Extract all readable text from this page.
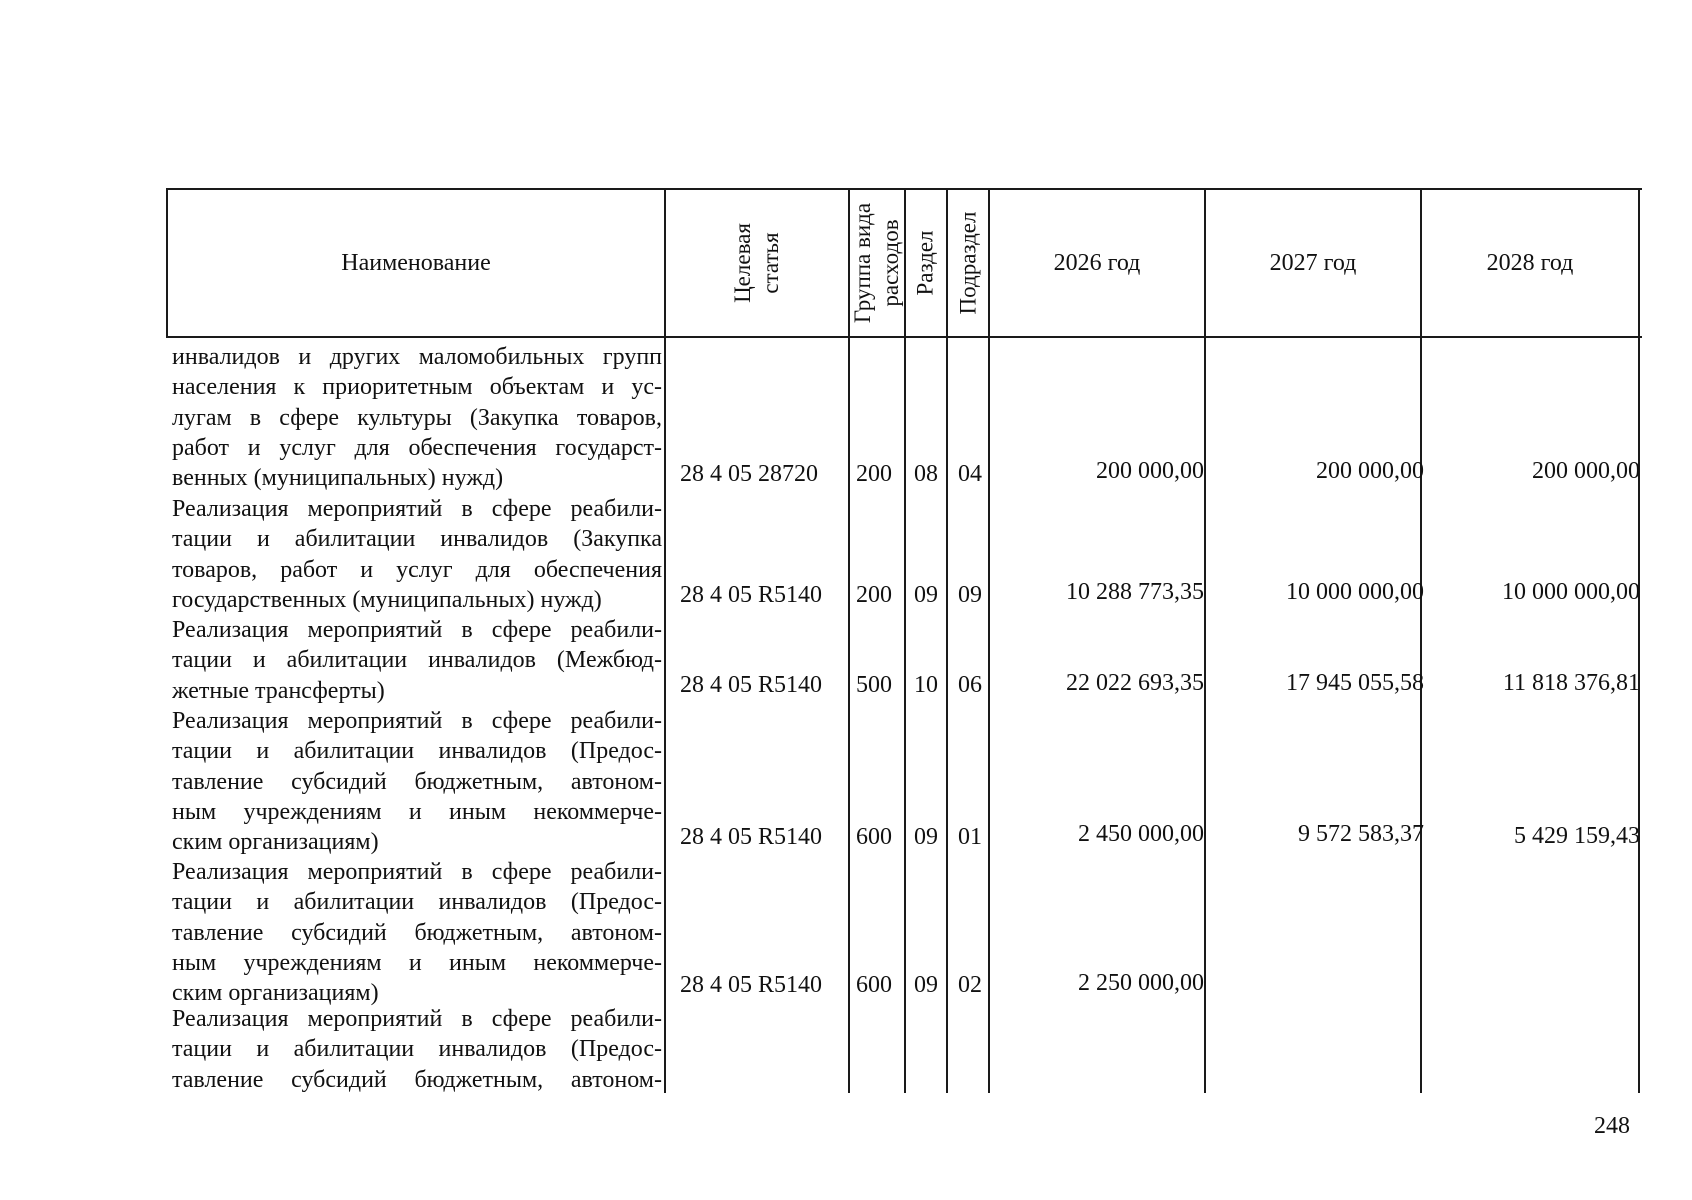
Наименование	Целевая статья	Группа вида расходов Раздел Подраздел	2026 год	2027 год	2028 год
инвалидов и других маломобильных групп
населения к приоритетным объектам и ус-
лугам в сфере культуры (Закупка товаров,
работ и услуг для обеспечения государст-
венных (муниципальных) нужд)	28 4 05 28720	200 08 04	200 000,00	200 000,00	200 000,00
Реализация мероприятий в сфере реабили-
тации и абилитации инвалидов (Закупка
товаров, работ и услуг для обеспечения
государственных (муниципальных) нужд)	28 4 05 R5140	200 09 09	10 288 773,35	10 000 000,00	10 000 000,00
Реализация мероприятий в сфере реабили-
тации и абилитации инвалидов (Межбюд-
жетные трансферты)	28 4 05 R5140	500 10 06	22 022 693,35	17 945 055,58	11 818 376,81
Реализация мероприятий в сфере реабили-
тации и абилитации инвалидов (Предос-
тавление субсидий бюджетным, автоном-
ным учреждениям и иным некоммерче-
ским организациям)	28 4 05 R5140	600 09 01	2 450 000,00	9 572 583,37	5 429 159,43
Реализация мероприятий в сфере реабили-
тации и абилитации инвалидов (Предос-
тавление субсидий бюджетным, автоном-
ным учреждениям и иным некоммерче-
ским организациям)	28 4 05 R5140	600 09 02	2 250 000,00
Реализация мероприятий в сфере реабили-
тации и абилитации инвалидов (Предос-
тавление субсидий бюджетным, автоном-
248
